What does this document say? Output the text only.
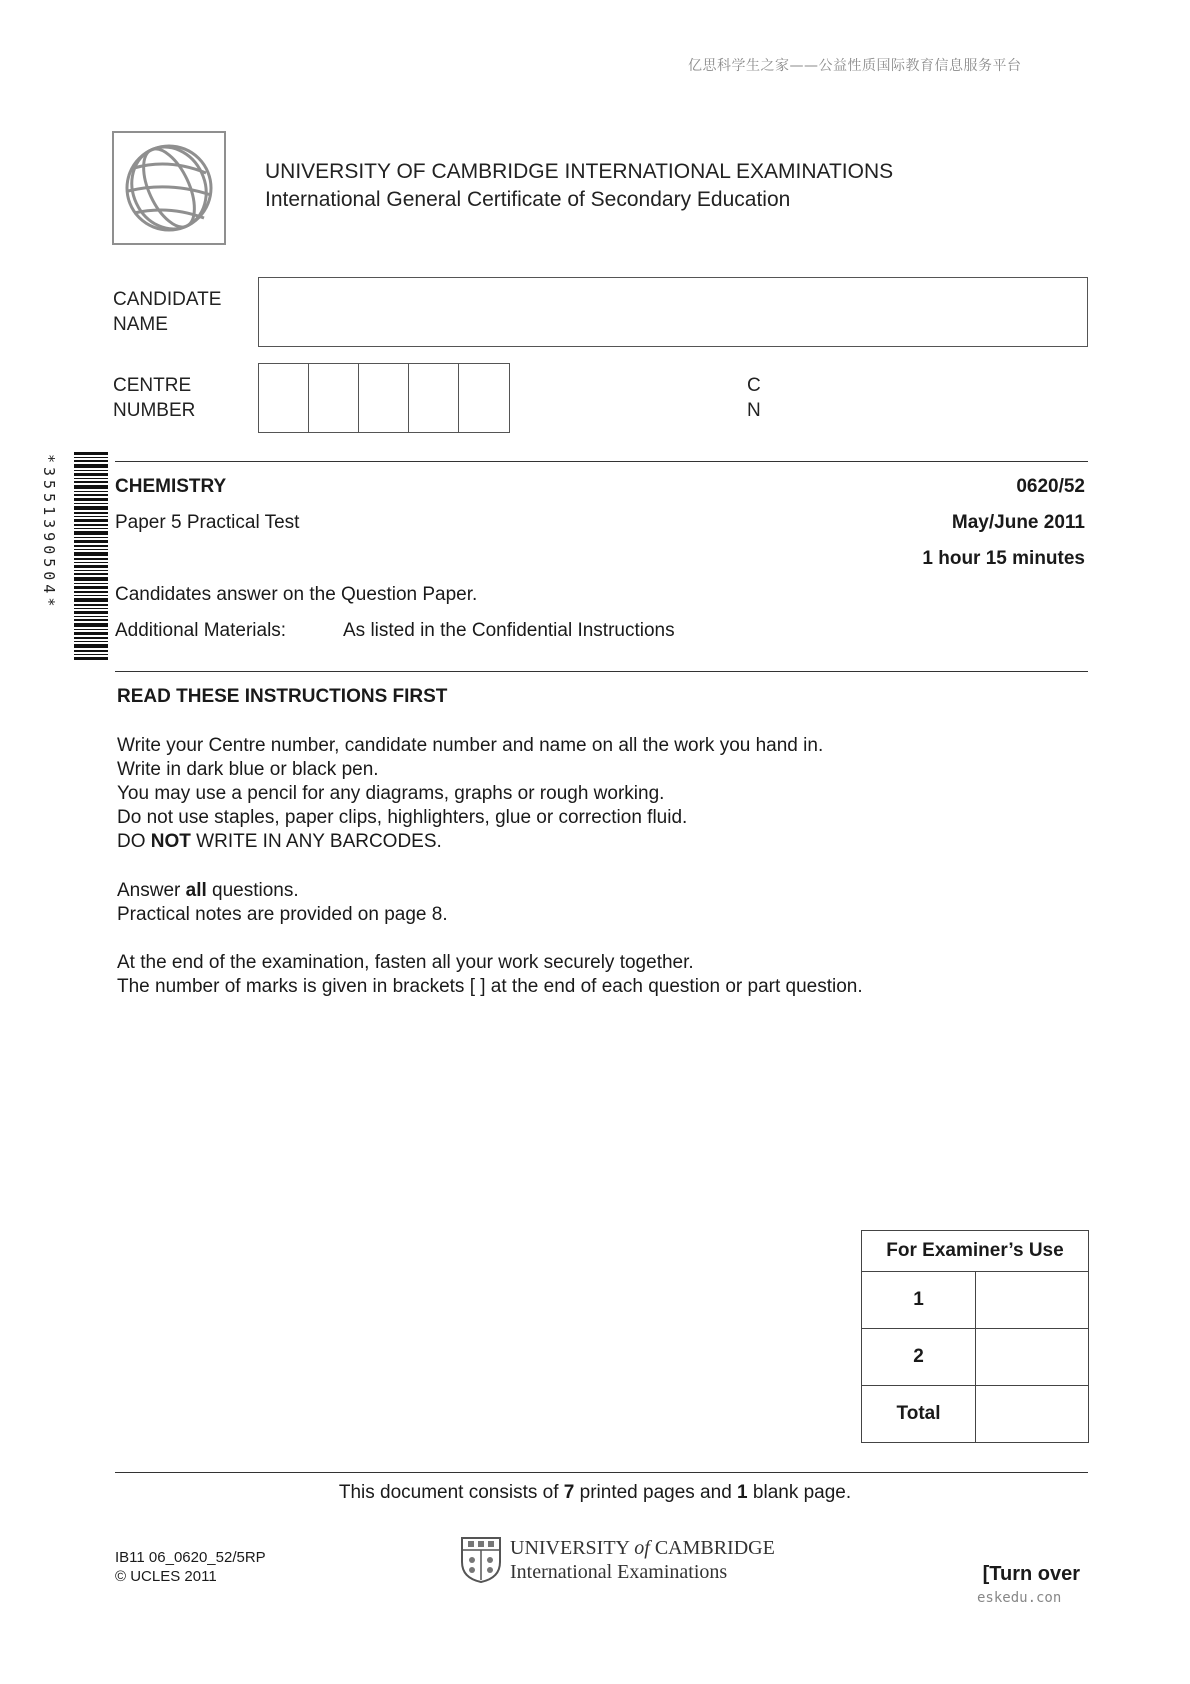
亿思科学生之家——公益性质国际教育信息服务平台
UNIVERSITY OF CAMBRIDGE INTERNATIONAL EXAMINATIONS
International General Certificate of Secondary Education
CANDIDATE
NAME
CENTRE
NUMBER
C
N
*3551390504*	CHEMISTRY	0620/52
Paper 5 Practical Test	May/June 2011
1 hour 15 minutes
Candidates answer on the Question Paper.
Additional Materials:	As listed in the Confidential Instructions
READ THESE INSTRUCTIONS FIRST
Write your Centre number, candidate number and name on all the work you hand in.
Write in dark blue or black pen.
You may use a pencil for any diagrams, graphs or rough working.
Do not use staples, paper clips, highlighters, glue or correction fluid.
DO NOT WRITE IN ANY BARCODES.
Answer all questions.
Practical notes are provided on page 8.
At the end of the examination, fasten all your work securely together.
The number of marks is given in brackets [ ] at the end of each question or part question.
For Examiner’s Use	
1	
2	
Total	
This document consists of 7 printed pages and 1 blank page.
IB11 06_0620_52/5RP
© UCLES 2011
UNIVERSITY of CAMBRIDGE
International Examinations	[Turn over
eskedu.con
